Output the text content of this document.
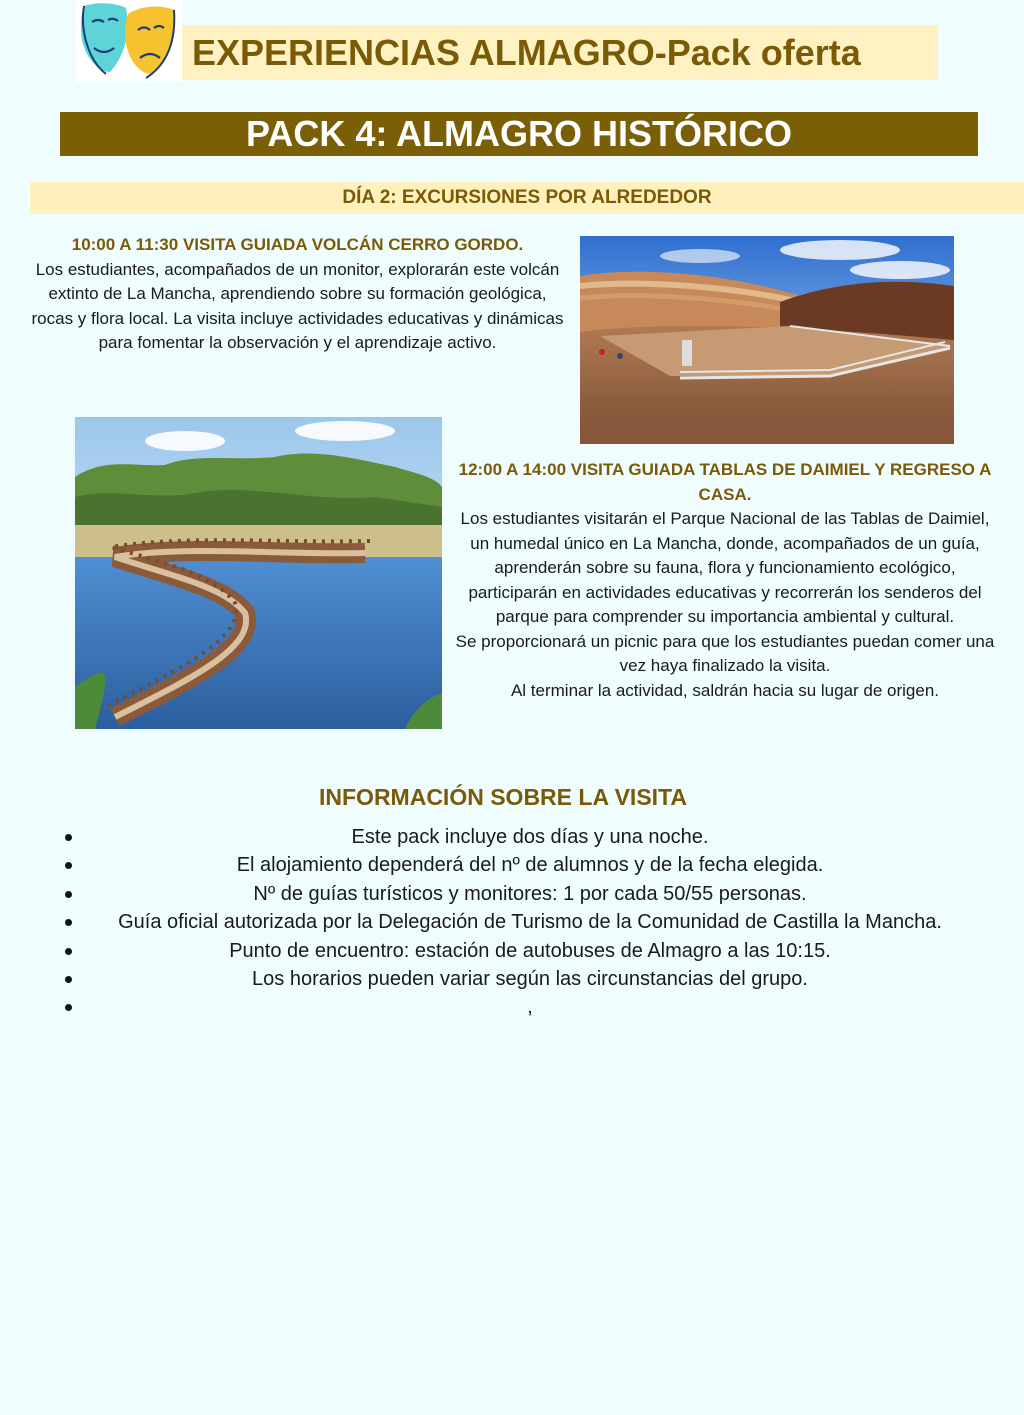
EXPERIENCIAS ALMAGRO-Pack oferta
PACK 4: ALMAGRO HISTÓRICO
DÍA 2: EXCURSIONES POR ALREDEDOR
10:00 A 11:30 VISITA GUIADA VOLCÁN CERRO GORDO.
Los estudiantes, acompañados de un monitor, explorarán este volcán extinto de La Mancha, aprendiendo sobre su formación geológica, rocas y flora local. La visita incluye actividades educativas y dinámicas para fomentar la observación y el aprendizaje activo.
12:00 A 14:00 VISITA GUIADA TABLAS DE DAIMIEL Y REGRESO A CASA.
Los estudiantes visitarán el Parque Nacional de las Tablas de Daimiel, un humedal único en La Mancha, donde, acompañados de un guía, aprenderán sobre su fauna, flora y funcionamiento ecológico, participarán en actividades educativas y recorrerán los senderos del parque para comprender su importancia ambiental y cultural.
Se proporcionará un picnic para que los estudiantes puedan comer una vez haya finalizado la visita.
Al terminar la actividad, saldrán hacia su lugar de origen.
INFORMACIÓN SOBRE LA VISITA
Este pack incluye dos días y una noche.
El alojamiento dependerá del nº de alumnos y de la fecha elegida.
Nº de guías turísticos y monitores: 1 por cada 50/55 personas.
Guía oficial autorizada por la Delegación de Turismo de la Comunidad de Castilla la Mancha.
Punto de encuentro: estación de autobuses de Almagro a las 10:15.
Los horarios pueden variar según las circunstancias del grupo.
,
